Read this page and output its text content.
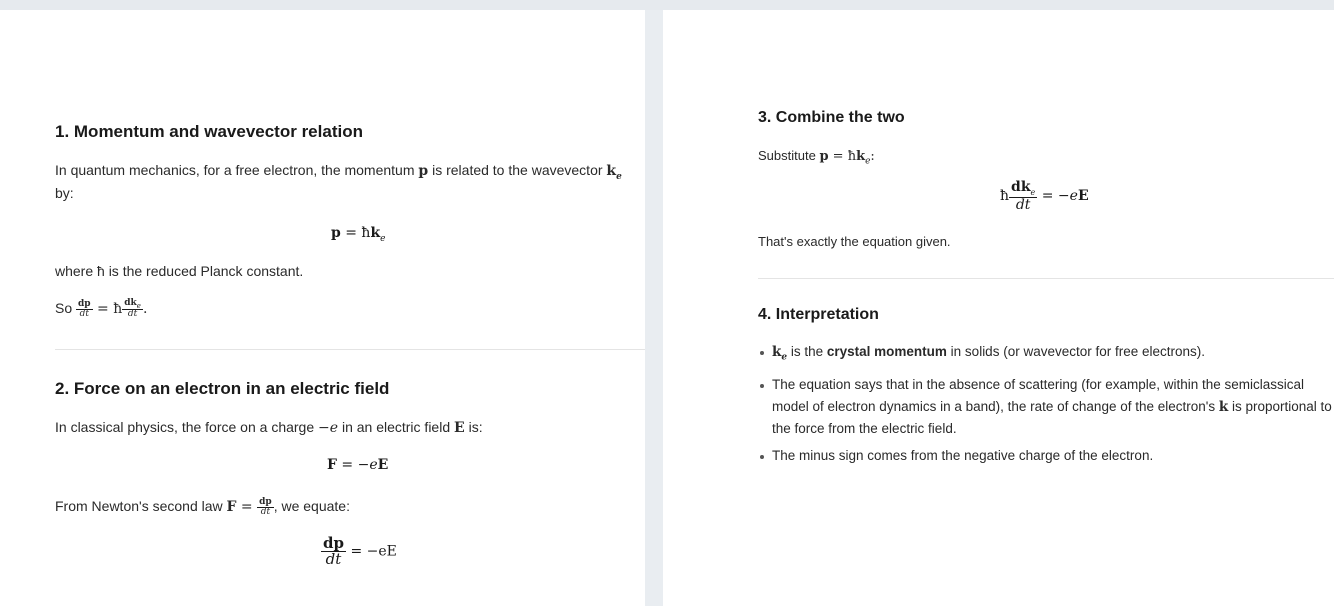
1. Momentum and wavevector relation

In quantum mechanics, for a free electron, the momentum p is related to the wavevector $k_e$

by:

$p = ħk_e$

where ħ is the reduced Planck constant.

So $\frac{dp}{dt}$ = ħ $\frac{dk_e}{dt}$ .
2. Force on an electron in an electric field

In classical physics, the force on a charge −e in an electric field E is:

F = −eE
From Newton's second law $F = \frac{dp}{dt}$ , we equate:
$\frac{dp}{dt} = -eE$
3. Combine the two

Substitute $p = ħk_e$:

ħ $\frac{dk_e}{dt} = -eE$

That's exactly the equation given.

4. Interpretation
$k_e$ is the crystal momentum in solids (or wavevector for free electrons).
The equation says that in the absence of scattering (for example, within the semiclassical model of electron dynamics in a band), the rate of change of the electron's k is proportional to the force from the electric field.
The minus sign comes from the negative charge of the electron.
